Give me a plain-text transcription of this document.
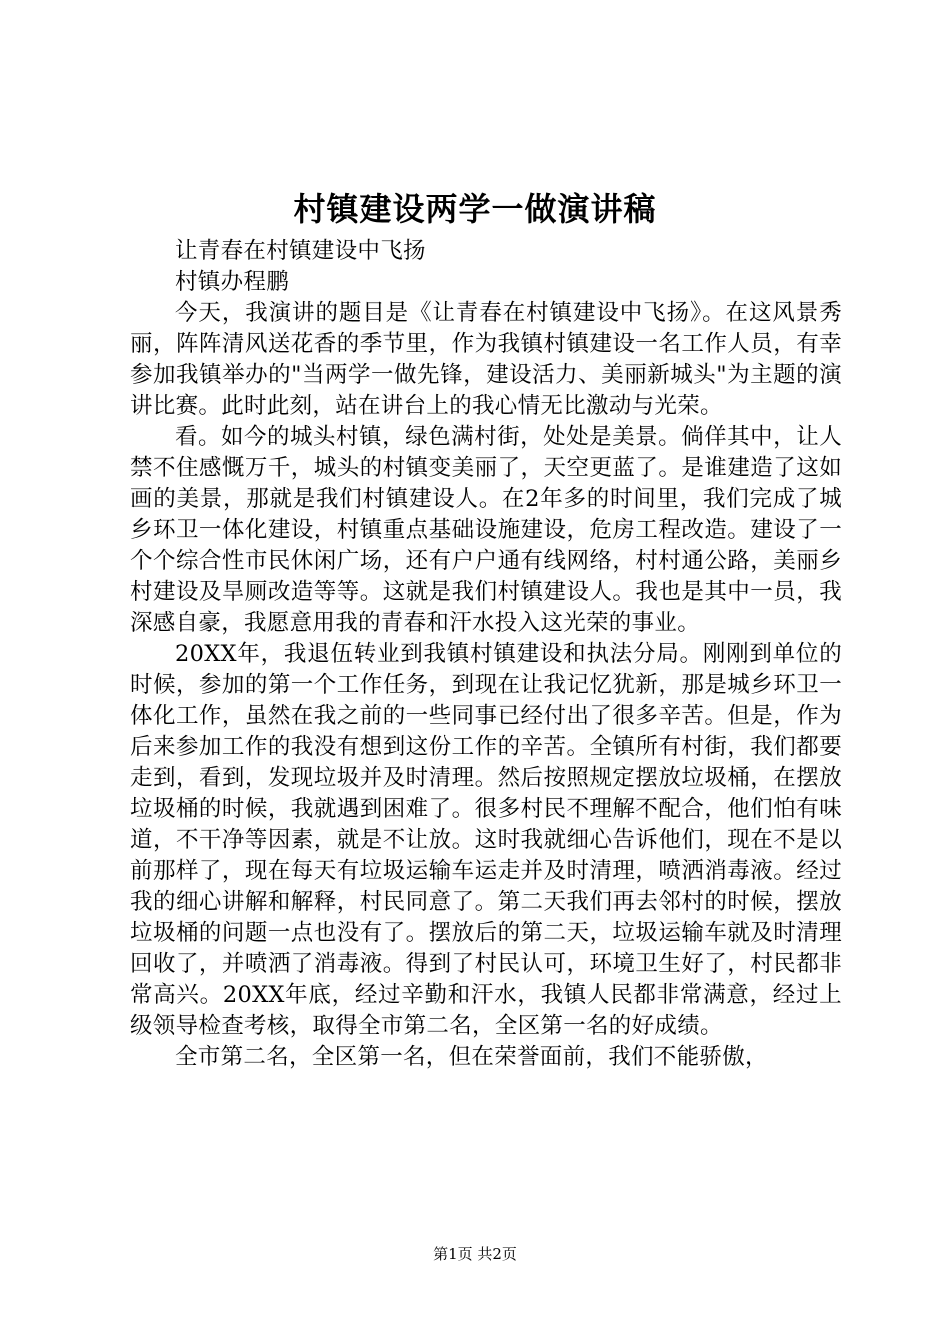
村镇建设两学一做演讲稿

让青春在村镇建设中飞扬

村镇办程鹏

今天，我演讲的题目是《让青春在村镇建设中飞扬》。在这风景秀丽，阵阵清风送花香的季节里，作为我镇村镇建设一名工作人员，有幸参加我镇举办的"当两学一做先锋，建设活力、美丽新城头"为主题的演讲比赛。此时此刻，站在讲台上的我心情无比激动与光荣。

看。如今的城头村镇，绿色满村街，处处是美景。倘佯其中，让人禁不住感慨万千，城头的村镇变美丽了，天空更蓝了。是谁建造了这如画的美景，那就是我们村镇建设人。在2年多的时间里，我们完成了城乡环卫一体化建设，村镇重点基础设施建设，危房工程改造。建设了一个个综合性市民休闲广场，还有户户通有线网络，村村通公路，美丽乡村建设及旱厕改造等等。这就是我们村镇建设人。我也是其中一员，我深感自豪，我愿意用我的青春和汗水投入这光荣的事业。

20XX年，我退伍转业到我镇村镇建设和执法分局。刚刚到单位的时候，参加的第一个工作任务，到现在让我记忆犹新，那是城乡环卫一体化工作，虽然在我之前的一些同事已经付出了很多辛苦。但是，作为后来参加工作的我没有想到这份工作的辛苦。全镇所有村街，我们都要走到，看到，发现垃圾并及时清理。然后按照规定摆放垃圾桶，在摆放垃圾桶的时候，我就遇到困难了。很多村民不理解不配合，他们怕有味道，不干净等因素，就是不让放。这时我就细心告诉他们，现在不是以前那样了，现在每天有垃圾运输车运走并及时清理，喷洒消毒液。经过我的细心讲解和解释，村民同意了。第二天我们再去邻村的时候，摆放垃圾桶的问题一点也没有了。摆放后的第二天，垃圾运输车就及时清理回收了，并喷洒了消毒液。得到了村民认可，环境卫生好了，村民都非常高兴。20XX年底，经过辛勤和汗水，我镇人民都非常满意，经过上级领导检查考核，取得全市第二名，全区第一名的好成绩。

全市第二名，全区第一名，但在荣誉面前，我们不能骄傲，

第1页 共2页
